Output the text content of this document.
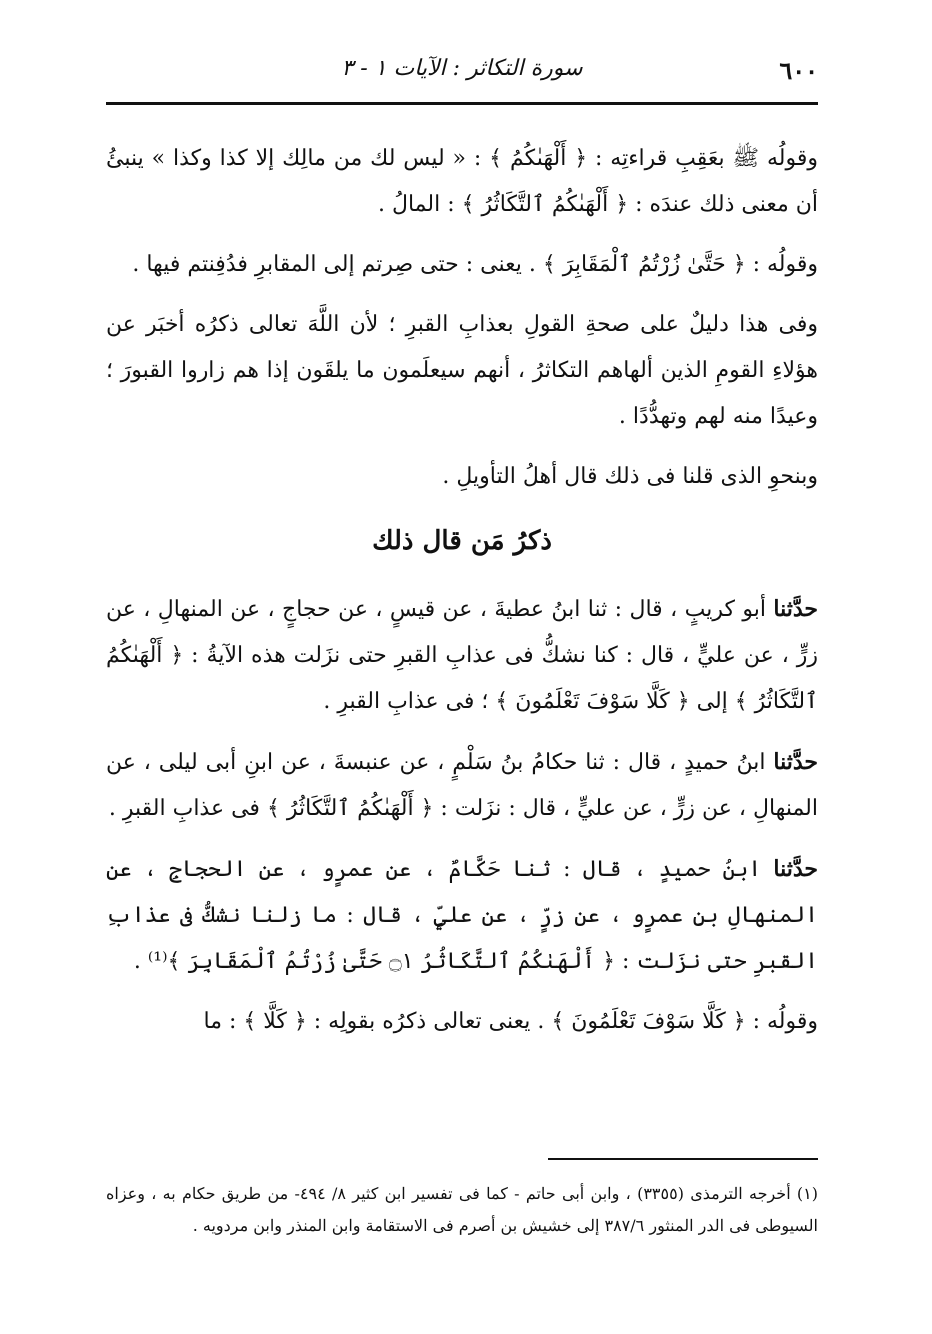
٦٠٠
سورة التكاثر : الآيات ١ - ٣

وقولُه ﷺ بعَقِبِ قراءتِه : ﴿ أَلْهَىٰكُمُ ﴾ : « ليس لك من مالِك إلا كذا وكذا » ينبئُ أن معنى ذلك عندَه : ﴿ أَلْهَىٰكُمُ ٱلتَّكَاثُرُ ﴾ : المالُ .

وقولُه : ﴿ حَتَّىٰ زُرْتُمُ ٱلْمَقَابِرَ ﴾ . يعنى : حتى صِرتم إلى المقابرِ فدُفِنتم فيها .

وفى هذا دليلٌ على صحةِ القولِ بعذابِ القبرِ ؛ لأن اللَّهَ تعالى ذكرُه أخبَر عن هؤلاءِ القومِ الذين ألهاهم التكاثرُ ، أنهم سيعلَمون ما يلقَون إذا هم زاروا القبورَ ؛ وعيدًا منه لهم وتهدُّدًا .

وبنحوِ الذى قلنا فى ذلك قال أهلُ التأويلِ .

ذكرُ مَن قال ذلك

حدَّثنا أبو كريبٍ ، قال : ثنا ابنُ عطيةَ ، عن قيسٍ ، عن حجاجٍ ، عن المنهالِ ، عن زرٍّ ، عن عليٍّ ، قال : كنا نشكُّ فى عذابِ القبرِ حتى نزَلت هذه الآيةُ : ﴿ أَلْهَىٰكُمُ ٱلتَّكَاثُرُ ﴾ إلى ﴿ كَلَّا سَوْفَ تَعْلَمُونَ ﴾ ؛ فى عذابِ القبرِ .

حدَّثنا ابنُ حميدٍ ، قال : ثنا حكامُ بنُ سَلْمٍ ، عن عنبسةَ ، عن ابنِ أبى ليلى ، عن المنهالِ ، عن زرٍّ ، عن عليٍّ ، قال : نزَلت : ﴿ أَلْهَىٰكُمُ ٱلتَّكَاثُرُ ﴾ فى عذابِ القبرِ .

حدَّثنا ابنُ حميدٍ ، قال : ثنا حَكَّامٌ ، عن عمرٍو ، عن الحجاجِ ، عن المنهالِ بنِ عمرٍو ، عن زرٍّ ، عن عليٍّ ، قال : ما زلنا نشكُّ فى عذابِ القبرِ حتى نزَلت : ﴿ أَلْهَىٰكُمُ ٱلتَّكَاثُرُ ۝١ حَتَّىٰ زُرْتُمُ ٱلْمَقَابِرَ ﴾⁽¹⁾ .

وقولُه : ﴿ كَلَّا سَوْفَ تَعْلَمُونَ ﴾ . يعنى تعالى ذكرُه بقولِه : ﴿ كَلَّا ﴾ : ما

(١) أخرجه الترمذى (٣٣٥٥) ، وابن أبى حاتم - كما فى تفسير ابن كثير ٨/ ٤٩٤- من طريق حكام به ، وعزاه السيوطى فى الدر المنثور ٣٨٧/٦ إلى خشيش بن أصرم فى الاستقامة وابن المنذر وابن مردويه .
